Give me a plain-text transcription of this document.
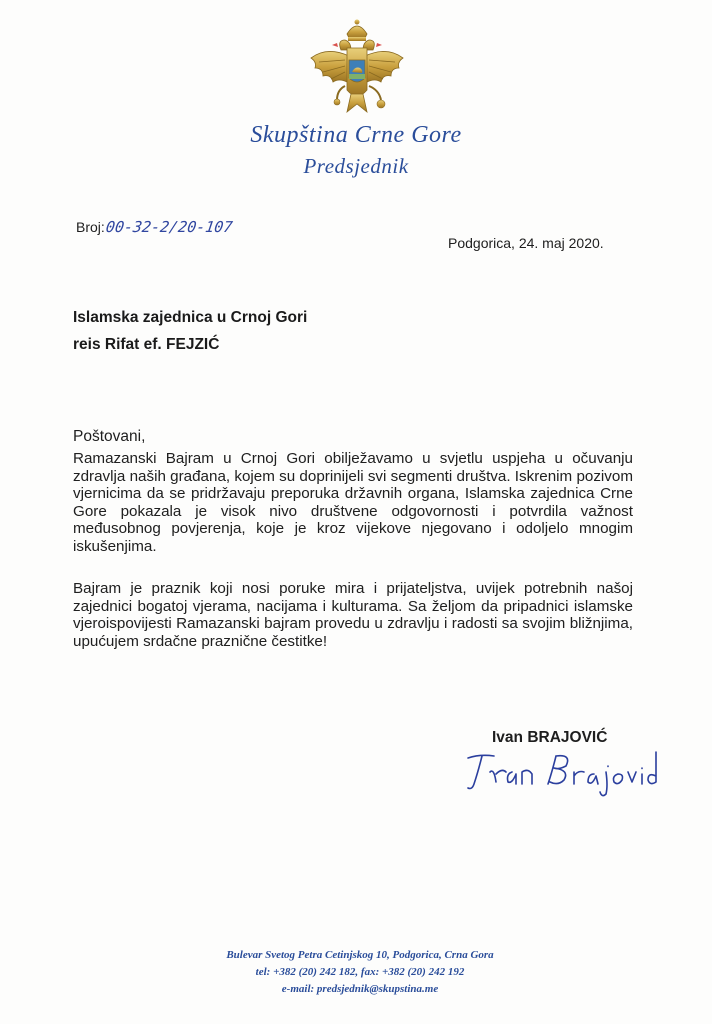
Skupština Crne Gore
Predsjednik
Broj: 00-32-2/20-107
Podgorica, 24. maj 2020.
Islamska zajednica u Crnoj Gori
reis Rifat ef. FEJZIĆ
Poštovani,
Ramazanski Bajram u Crnoj Gori obilježavamo u svjetlu uspjeha u očuvanju zdravlja naših građana, kojem su doprinijeli svi segmenti društva. Iskrenim pozivom vjernicima da se pridržavaju preporuka državnih organa, Islamska zajednica Crne Gore pokazala je visok nivo društvene odgovornosti i potvrdila važnost međusobnog povjerenja, koje je kroz vijekove njegovano i odoljelo mnogim iskušenjima.
Bajram je praznik koji nosi poruke mira i prijateljstva, uvijek potrebnih našoj zajednici bogatoj vjerama, nacijama i kulturama. Sa željom da pripadnici islamske vjeroispovijesti Ramazanski bajram provedu u zdravlju i radosti sa svojim bližnjima, upućujem srdačne praznične čestitke!
Ivan BRAJOVIĆ
Bulevar Svetog Petra Cetinjskog 10, Podgorica, Crna Gora
tel: +382 (20) 242 182, fax: +382 (20) 242 192
e-mail: predsjednik@skupstina.me
